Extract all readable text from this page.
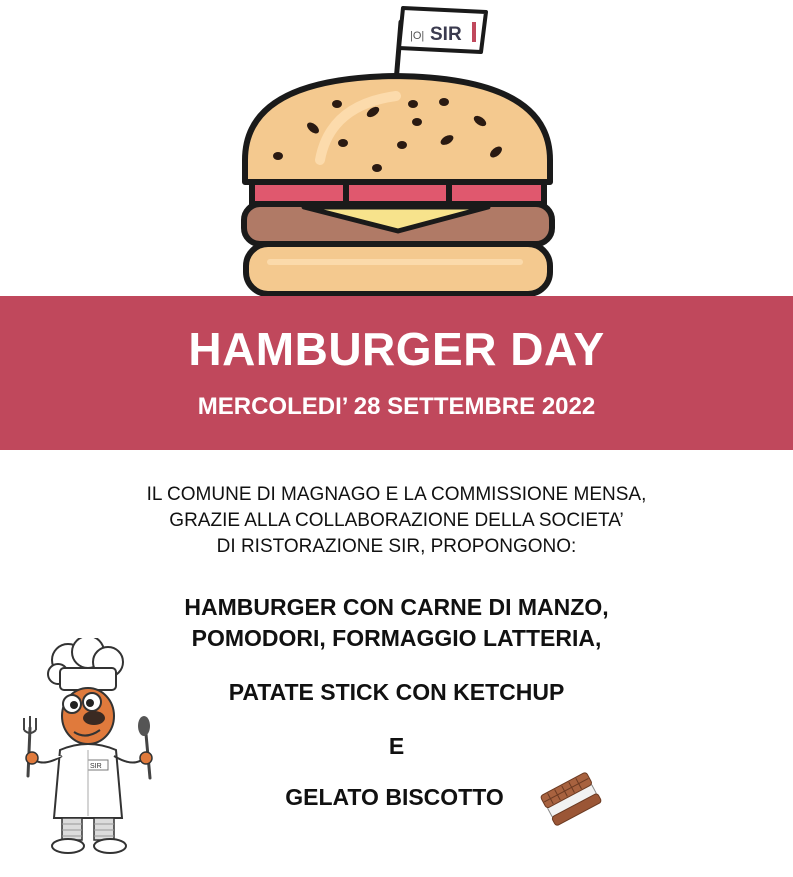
|O| SIR
HAMBURGER DAY
MERCOLEDI’ 28 SETTEMBRE 2022
IL COMUNE DI MAGNAGO E LA COMMISSIONE MENSA,
GRAZIE ALLA COLLABORAZIONE DELLA SOCIETA’
DI RISTORAZIONE SIR, PROPONGONO:
HAMBURGER CON CARNE DI MANZO,
POMODORI, FORMAGGIO LATTERIA,
PATATE STICK CON KETCHUP
E
GELATO BISCOTTO
SIR
